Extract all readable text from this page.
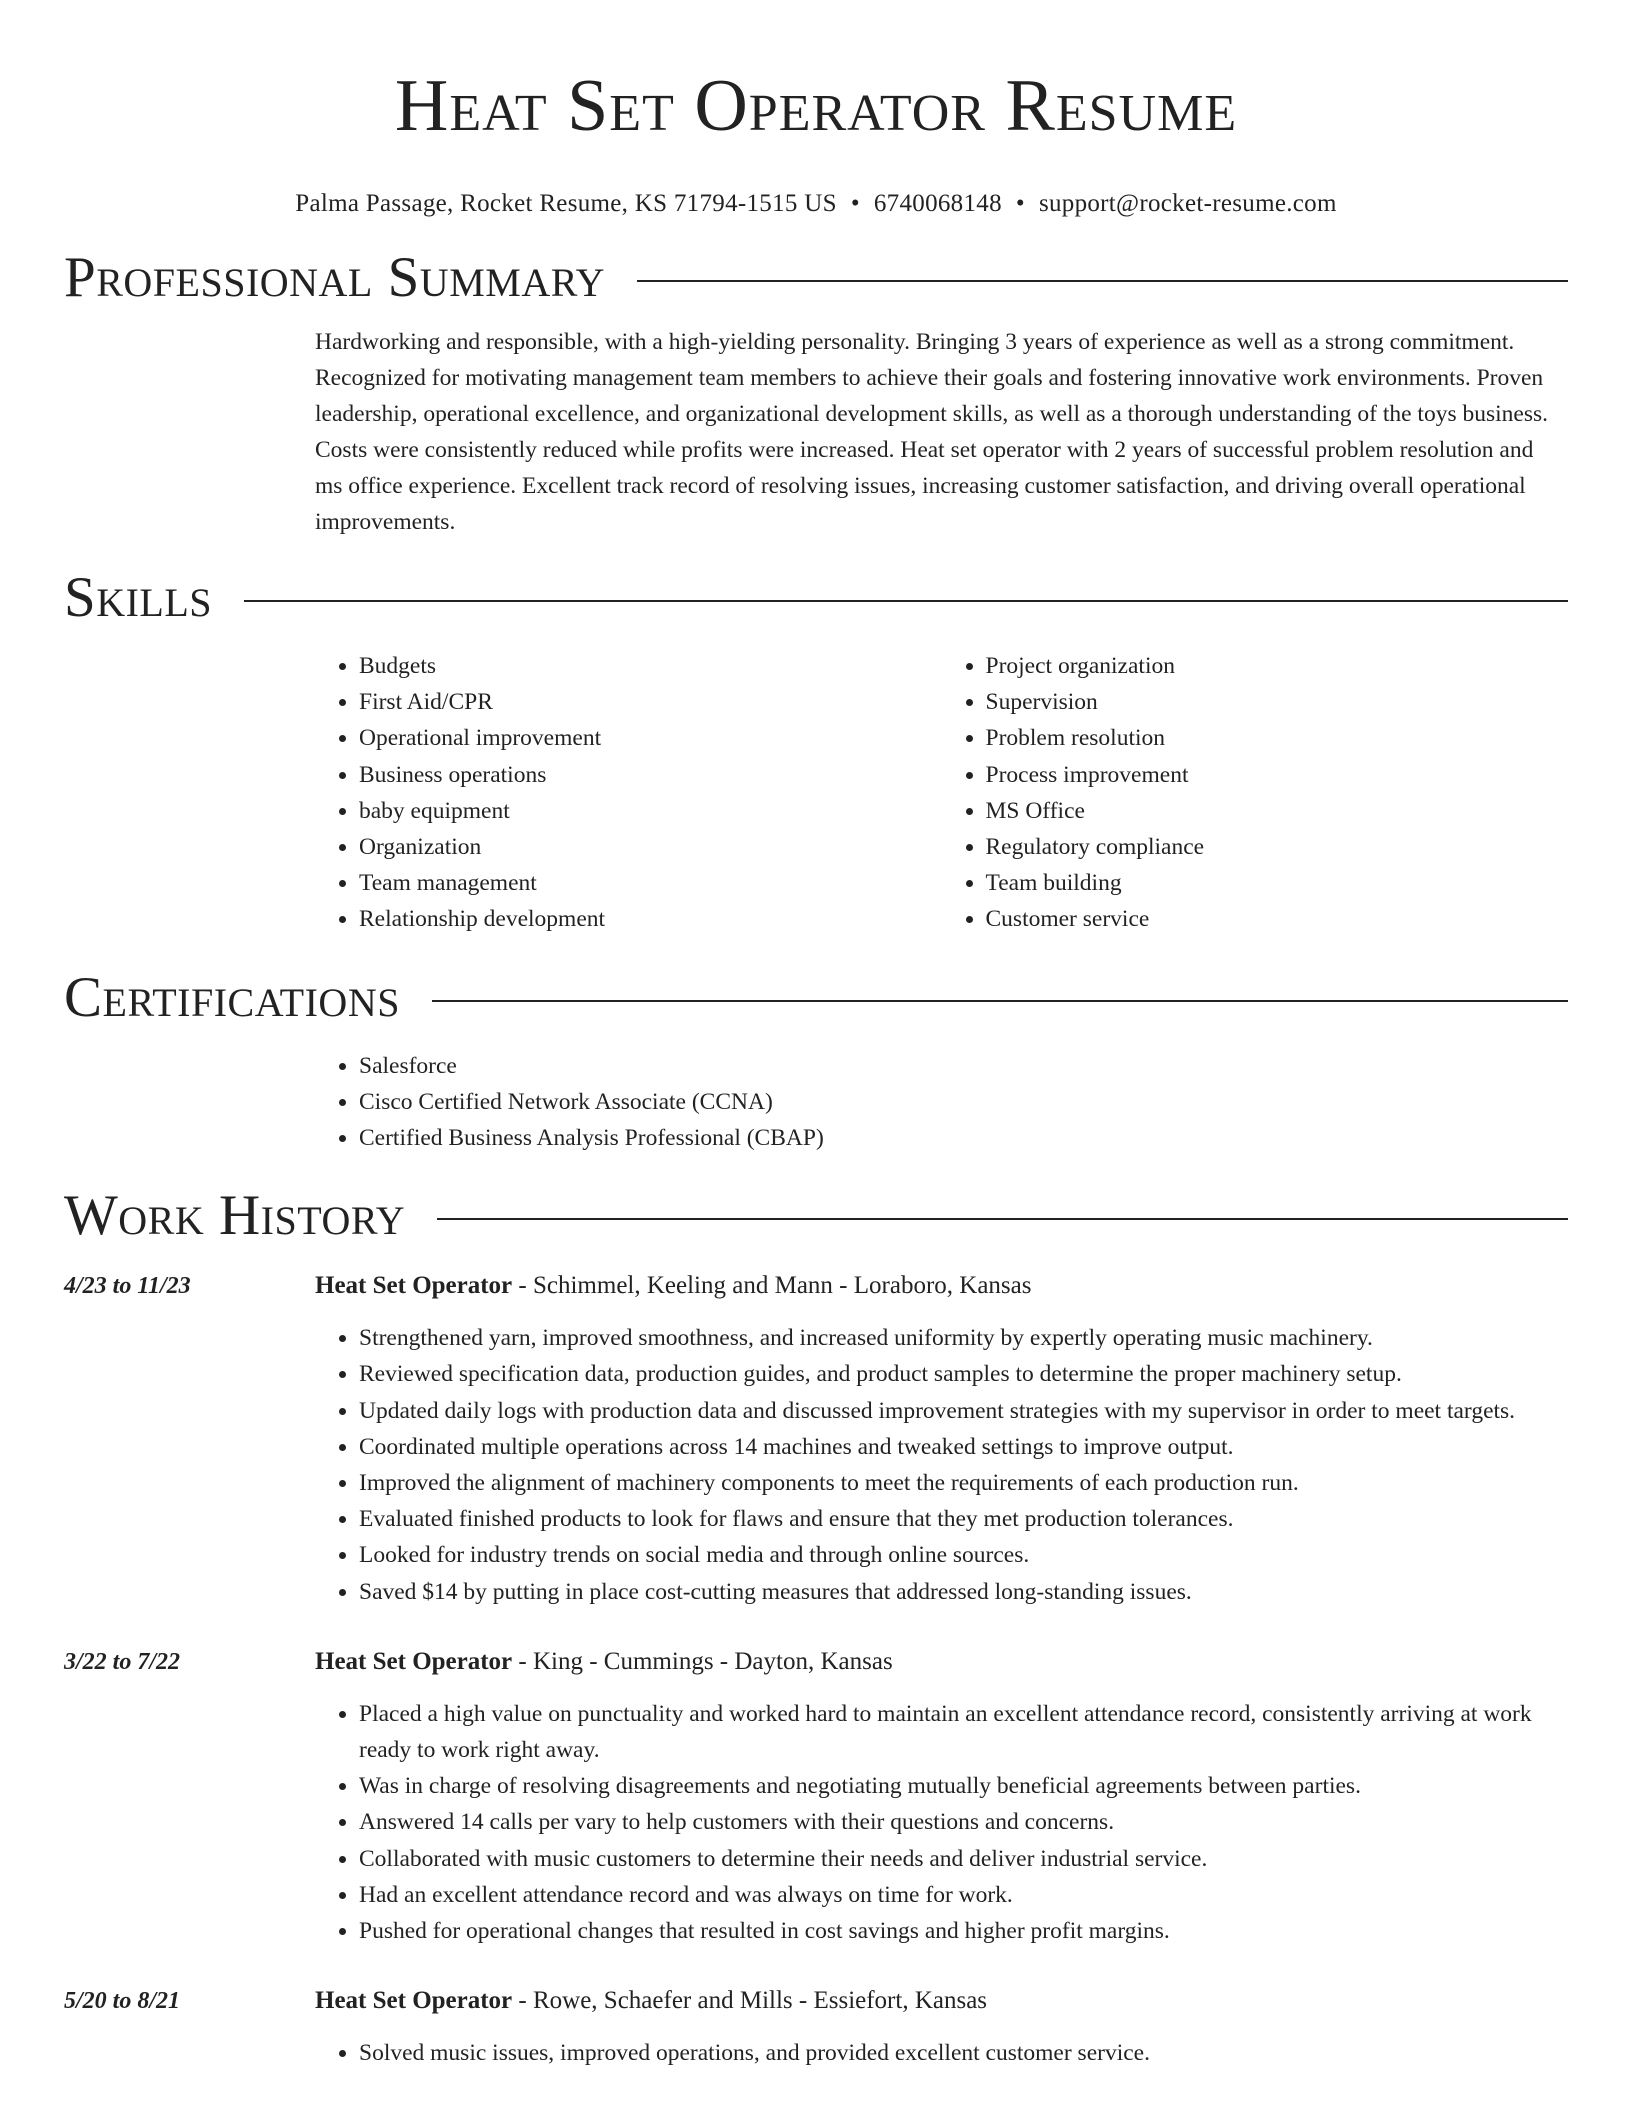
Heat Set Operator Resume
Palma Passage, Rocket Resume, KS 71794-1515 US • 6740068148 • support@rocket-resume.com
Professional Summary

Hardworking and responsible, with a high-yielding personality. Bringing 3 years of experience as well as a strong commitment. Recognized for motivating management team members to achieve their goals and fostering innovative work environments. Proven leadership, operational excellence, and organizational development skills, as well as a thorough understanding of the toys business. Costs were consistently reduced while profits were increased. Heat set operator with 2 years of successful problem resolution and ms office experience. Excellent track record of resolving issues, increasing customer satisfaction, and driving overall operational improvements.

Skills
• Budgets
• First Aid/CPR
• Operational improvement
• Business operations
• baby equipment
• Organization
• Team management
• Relationship development
• Project organization
• Supervision
• Problem resolution
• Process improvement
• MS Office
• Regulatory compliance
• Team building
• Customer service
Certifications
• Salesforce
• Cisco Certified Network Associate (CCNA)
• Certified Business Analysis Professional (CBAP)
Work History
4/23 to 11/23	Heat Set Operator - Schimmel, Keeling and Mann - Loraboro, Kansas

• Strengthened yarn, improved smoothness, and increased uniformity by expertly operating music machinery.
• Reviewed specification data, production guides, and product samples to determine the proper machinery setup.
• Updated daily logs with production data and discussed improvement strategies with my supervisor in order to meet targets.
• Coordinated multiple operations across 14 machines and tweaked settings to improve output.
• Improved the alignment of machinery components to meet the requirements of each production run.
• Evaluated finished products to look for flaws and ensure that they met production tolerances.
• Looked for industry trends on social media and through online sources.
• Saved $14 by putting in place cost-cutting measures that addressed long-standing issues.
3/22 to 7/22	Heat Set Operator - King - Cummings - Dayton, Kansas

• Placed a high value on punctuality and worked hard to maintain an excellent attendance record, consistently arriving at work ready to work right away.
• Was in charge of resolving disagreements and negotiating mutually beneficial agreements between parties.
• Answered 14 calls per vary to help customers with their questions and concerns.
• Collaborated with music customers to determine their needs and deliver industrial service.
• Had an excellent attendance record and was always on time for work.
• Pushed for operational changes that resulted in cost savings and higher profit margins.
5/20 to 8/21	Heat Set Operator - Rowe, Schaefer and Mills - Essiefort, Kansas

• Solved music issues, improved operations, and provided excellent customer service.
